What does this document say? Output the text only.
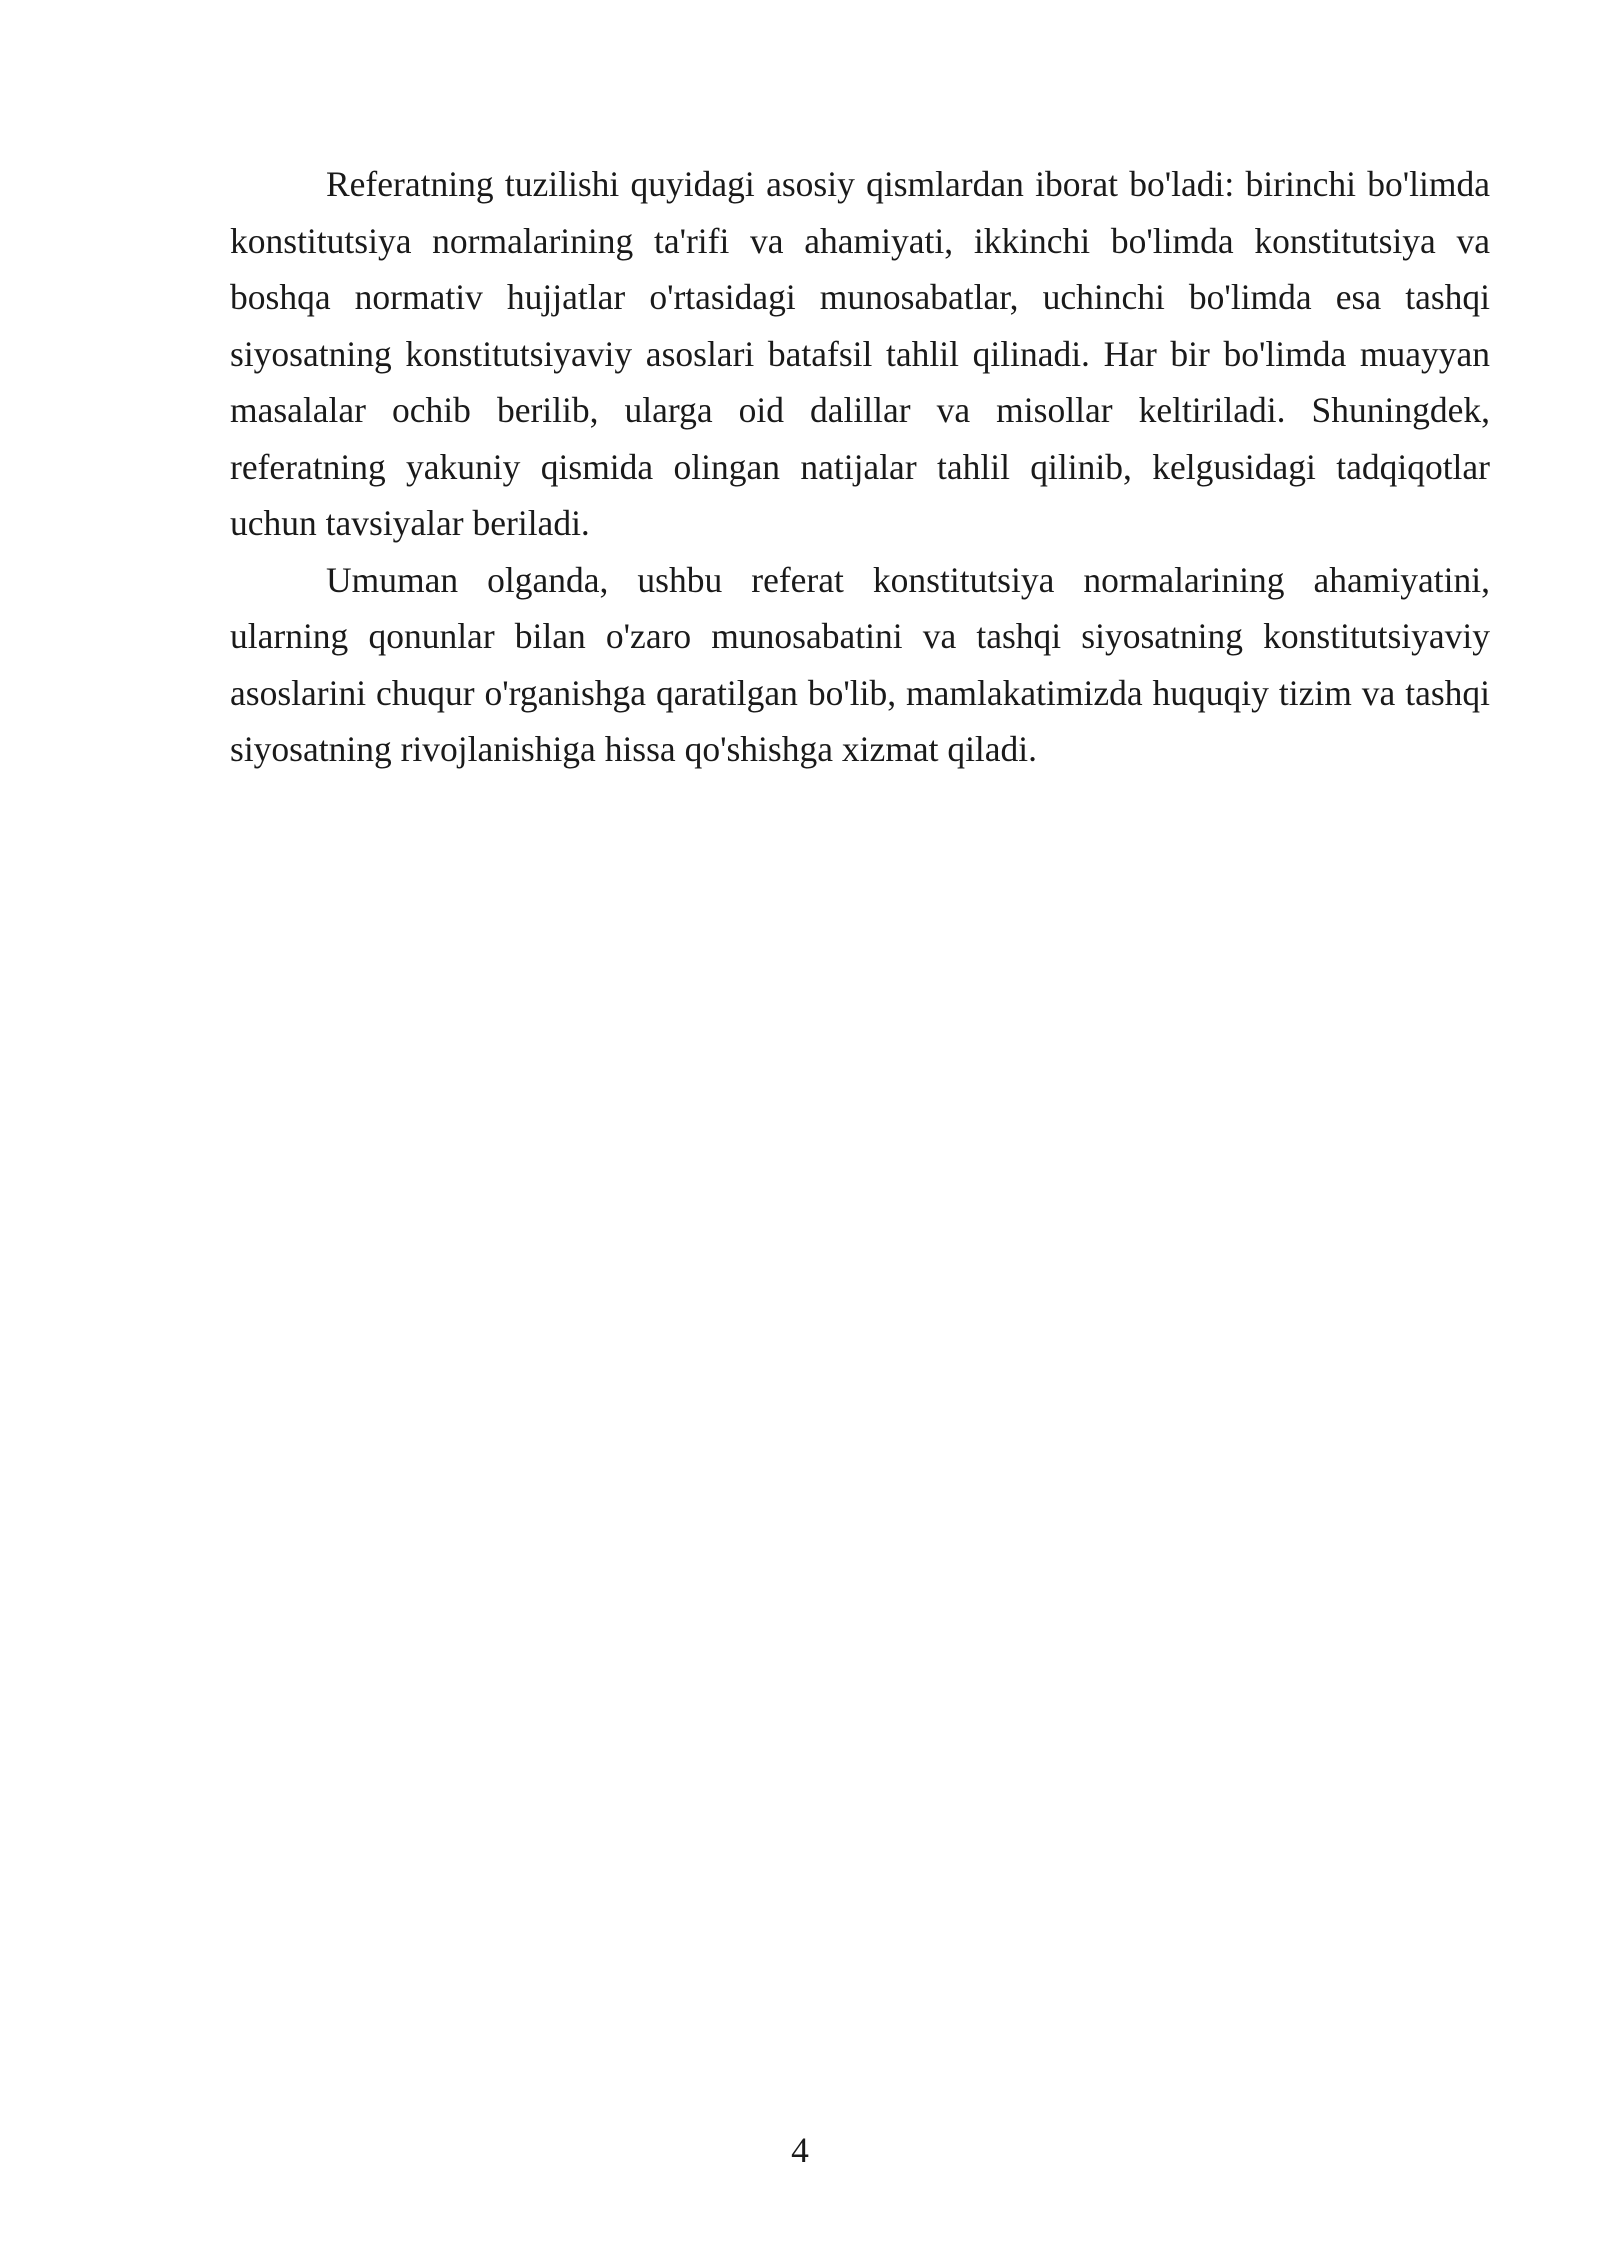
Referatning tuzilishi quyidagi asosiy qismlardan iborat bo'ladi: birinchi bo'limda konstitutsiya normalarining ta'rifi va ahamiyati, ikkinchi bo'limda konstitutsiya va boshqa normativ hujjatlar o'rtasidagi munosabatlar, uchinchi bo'limda esa tashqi siyosatning konstitutsiyaviy asoslari batafsil tahlil qilinadi. Har bir bo'limda muayyan masalalar ochib berilib, ularga oid dalillar va misollar keltiriladi. Shuningdek, referatning yakuniy qismida olingan natijalar tahlil qilinib, kelgusidagi tadqiqotlar uchun tavsiyalar beriladi.

Umuman olganda, ushbu referat konstitutsiya normalarining ahamiyatini, ularning qonunlar bilan o'zaro munosabatini va tashqi siyosatning konstitutsiyaviy asoslarini chuqur o'rganishga qaratilgan bo'lib, mamlakatimizda huquqiy tizim va tashqi siyosatning rivojlanishiga hissa qo'shishga xizmat qiladi.

4
